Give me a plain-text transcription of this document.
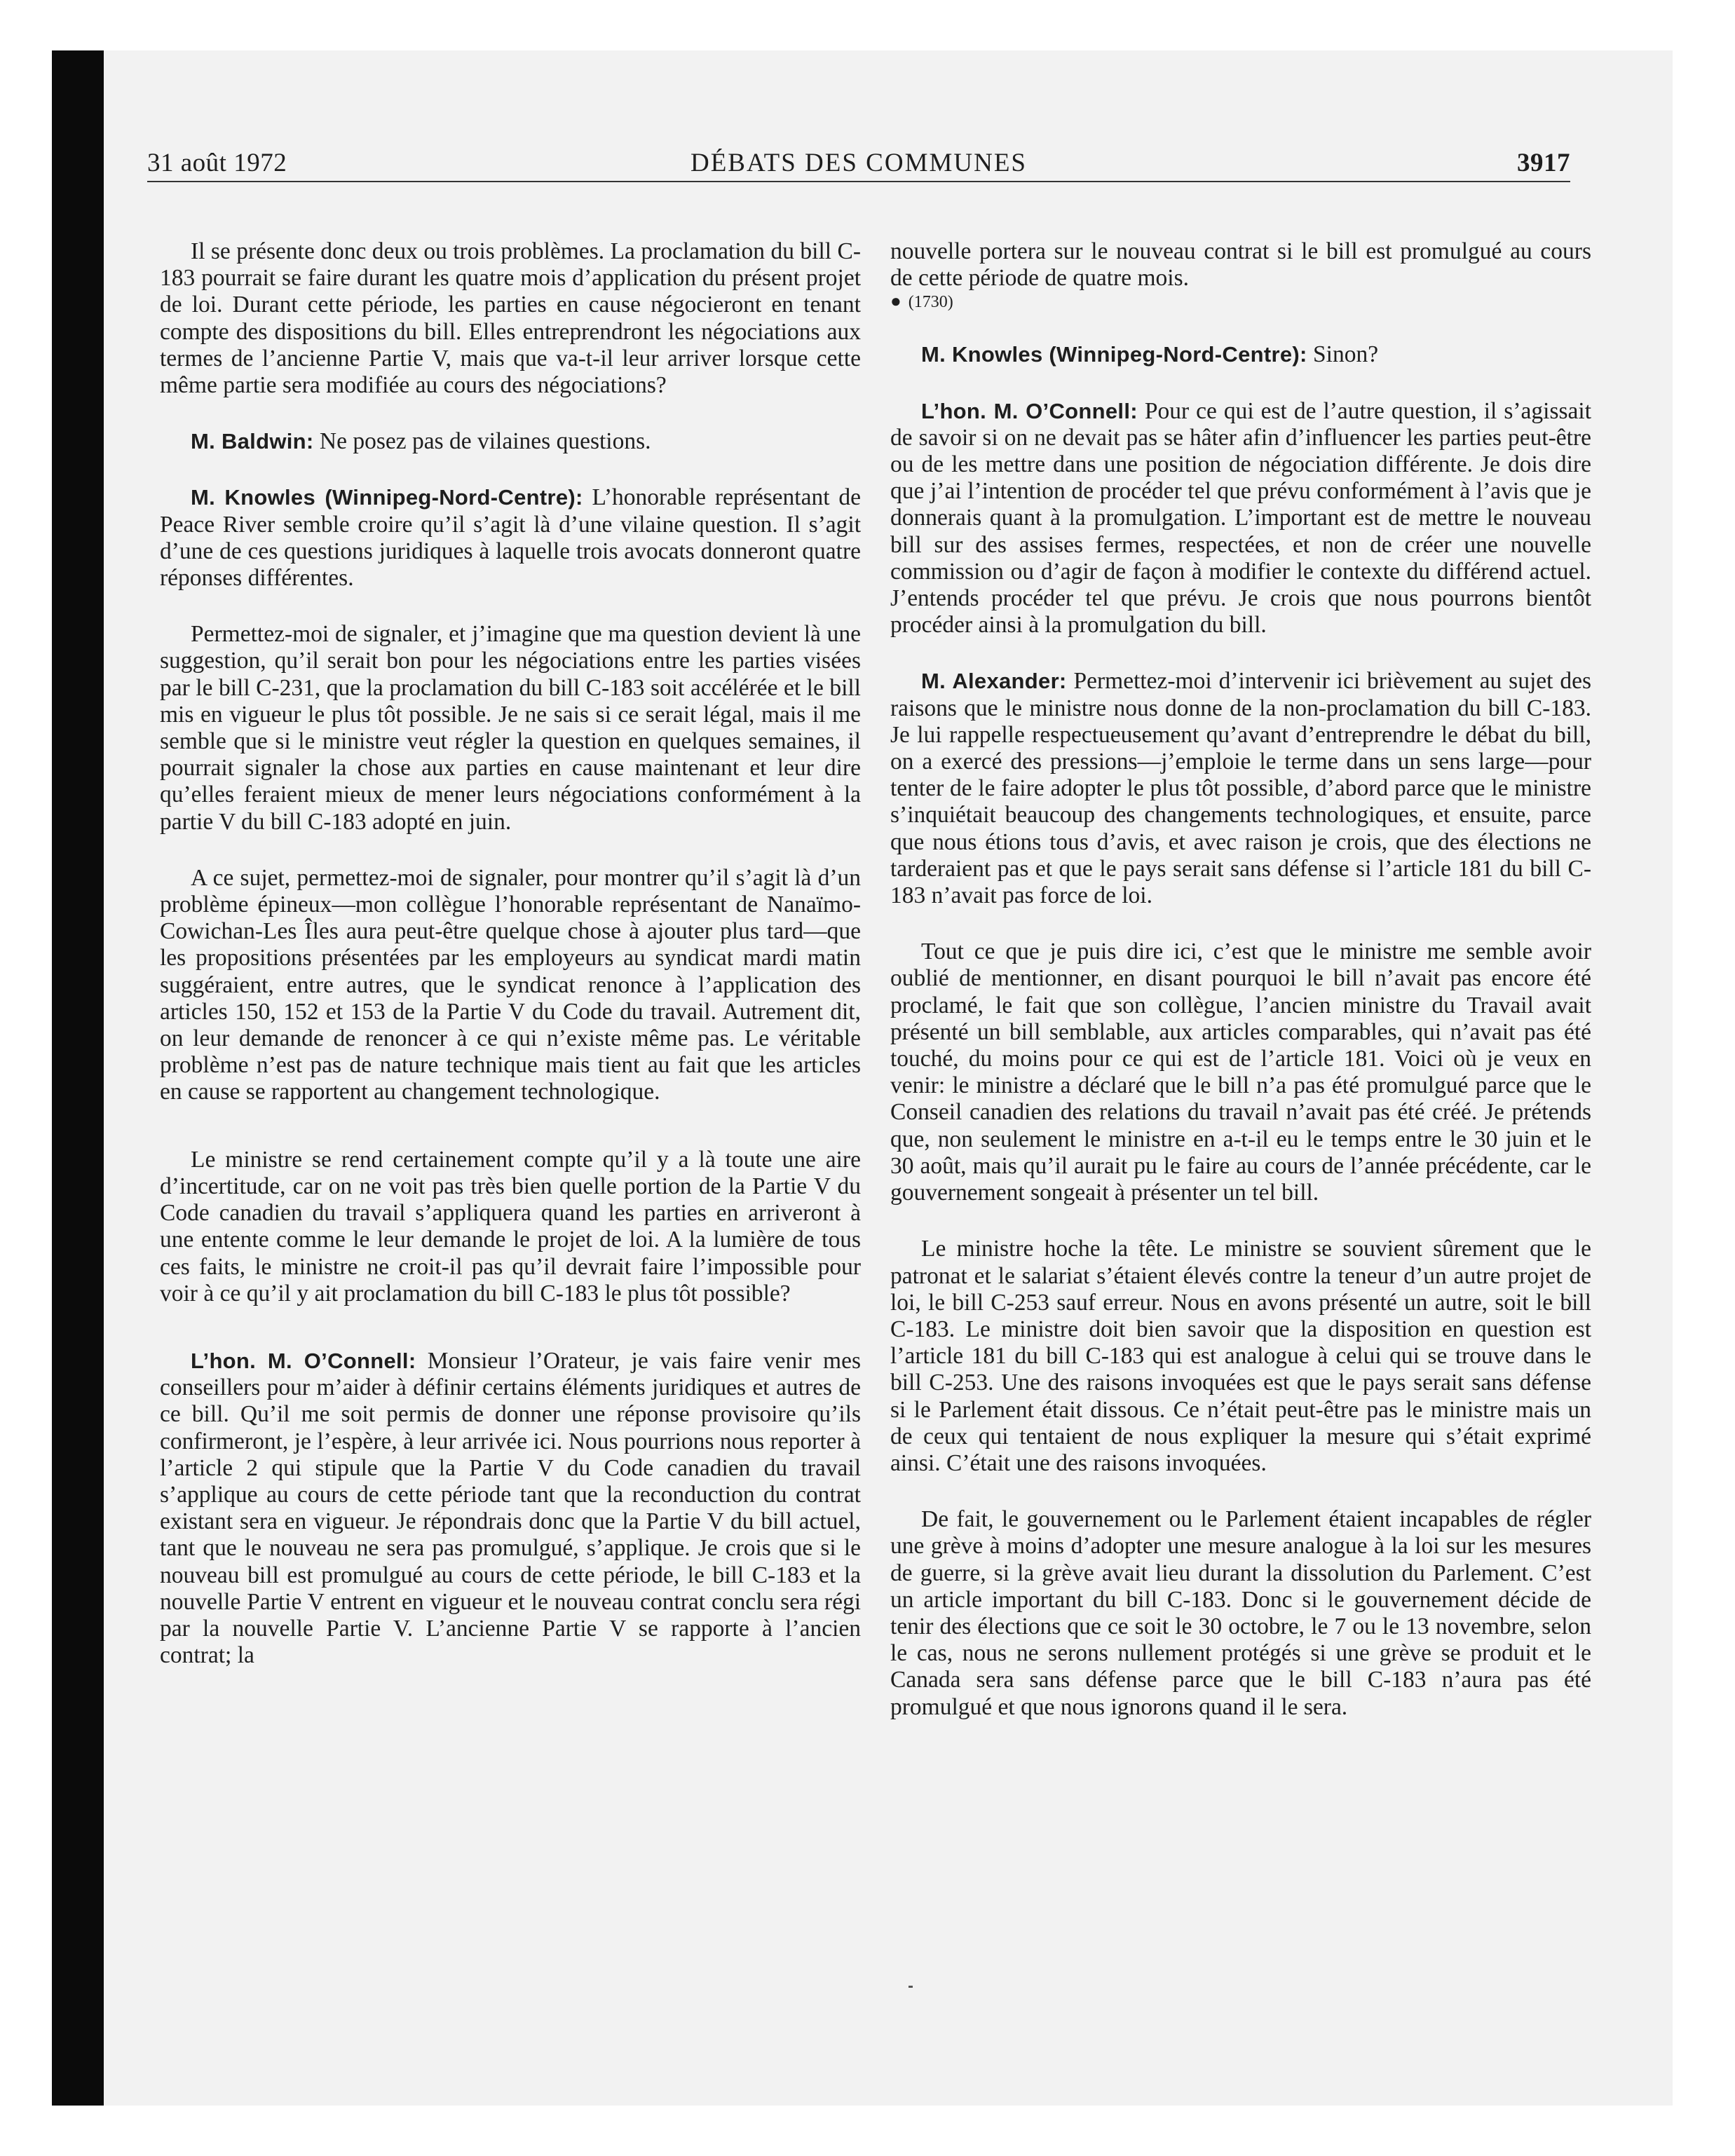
31 août 1972	DÉBATS DES COMMUNES	3917

Il se présente donc deux ou trois problèmes. La proclamation du bill C-183 pourrait se faire durant les quatre mois d’application du présent projet de loi. Durant cette période, les parties en cause négocieront en tenant compte des dispositions du bill. Elles entreprendront les négociations aux termes de l’ancienne Partie V, mais que va-t-il leur arriver lorsque cette même partie sera modifiée au cours des négociations?

M. Baldwin: Ne posez pas de vilaines questions.

M. Knowles (Winnipeg-Nord-Centre): L’honorable représentant de Peace River semble croire qu’il s’agit là d’une vilaine question. Il s’agit d’une de ces questions juridiques à laquelle trois avocats donneront quatre réponses différentes.

Permettez-moi de signaler, et j’imagine que ma question devient là une suggestion, qu’il serait bon pour les négociations entre les parties visées par le bill C-231, que la proclamation du bill C-183 soit accélérée et le bill mis en vigueur le plus tôt possible. Je ne sais si ce serait légal, mais il me semble que si le ministre veut régler la question en quelques semaines, il pourrait signaler la chose aux parties en cause maintenant et leur dire qu’elles feraient mieux de mener leurs négociations conformément à la partie V du bill C-183 adopté en juin.

A ce sujet, permettez-moi de signaler, pour montrer qu’il s’agit là d’un problème épineux—mon collègue l’honorable représentant de Nanaïmo-Cowichan-Les Îles aura peut-être quelque chose à ajouter plus tard—que les propositions présentées par les employeurs au syndicat mardi matin suggéraient, entre autres, que le syndicat renonce à l’application des articles 150, 152 et 153 de la Partie V du Code du travail. Autrement dit, on leur demande de renoncer à ce qui n’existe même pas. Le véritable problème n’est pas de nature technique mais tient au fait que les articles en cause se rapportent au changement technologique.

Le ministre se rend certainement compte qu’il y a là toute une aire d’incertitude, car on ne voit pas très bien quelle portion de la Partie V du Code canadien du travail s’appliquera quand les parties en arriveront à une entente comme le leur demande le projet de loi. A la lumière de tous ces faits, le ministre ne croit-il pas qu’il devrait faire l’impossible pour voir à ce qu’il y ait proclamation du bill C-183 le plus tôt possible?

L’hon. M. O’Connell: Monsieur l’Orateur, je vais faire venir mes conseillers pour m’aider à définir certains éléments juridiques et autres de ce bill. Qu’il me soit permis de donner une réponse provisoire qu’ils confirmeront, je l’espère, à leur arrivée ici. Nous pourrions nous reporter à l’article 2 qui stipule que la Partie V du Code canadien du travail s’applique au cours de cette période tant que la reconduction du contrat existant sera en vigueur. Je répondrais donc que la Partie V du bill actuel, tant que le nouveau ne sera pas promulgué, s’applique. Je crois que si le nouveau bill est promulgué au cours de cette période, le bill C-183 et la nouvelle Partie V entrent en vigueur et le nouveau contrat conclu sera régi par la nouvelle Partie V. L’ancienne Partie V se rapporte à l’ancien contrat; la

nouvelle portera sur le nouveau contrat si le bill est promulgué au cours de cette période de quatre mois.

● (1730)

M. Knowles (Winnipeg-Nord-Centre): Sinon?

L’hon. M. O’Connell: Pour ce qui est de l’autre question, il s’agissait de savoir si on ne devait pas se hâter afin d’influencer les parties peut-être ou de les mettre dans une position de négociation différente. Je dois dire que j’ai l’intention de procéder tel que prévu conformément à l’avis que je donnerais quant à la promulgation. L’important est de mettre le nouveau bill sur des assises fermes, respectées, et non de créer une nouvelle commission ou d’agir de façon à modifier le contexte du différend actuel. J’entends procéder tel que prévu. Je crois que nous pourrons bientôt procéder ainsi à la promulgation du bill.

M. Alexander: Permettez-moi d’intervenir ici brièvement au sujet des raisons que le ministre nous donne de la non-proclamation du bill C-183. Je lui rappelle respectueusement qu’avant d’entreprendre le débat du bill, on a exercé des pressions—j’emploie le terme dans un sens large—pour tenter de le faire adopter le plus tôt possible, d’abord parce que le ministre s’inquiétait beaucoup des changements technologiques, et ensuite, parce que nous étions tous d’avis, et avec raison je crois, que des élections ne tarderaient pas et que le pays serait sans défense si l’article 181 du bill C-183 n’avait pas force de loi.

Tout ce que je puis dire ici, c’est que le ministre me semble avoir oublié de mentionner, en disant pourquoi le bill n’avait pas encore été proclamé, le fait que son collègue, l’ancien ministre du Travail avait présenté un bill semblable, aux articles comparables, qui n’avait pas été touché, du moins pour ce qui est de l’article 181. Voici où je veux en venir: le ministre a déclaré que le bill n’a pas été promulgué parce que le Conseil canadien des relations du travail n’avait pas été créé. Je prétends que, non seulement le ministre en a-t-il eu le temps entre le 30 juin et le 30 août, mais qu’il aurait pu le faire au cours de l’année précédente, car le gouvernement songeait à présenter un tel bill.

Le ministre hoche la tête. Le ministre se souvient sûrement que le patronat et le salariat s’étaient élevés contre la teneur d’un autre projet de loi, le bill C-253 sauf erreur. Nous en avons présenté un autre, soit le bill C-183. Le ministre doit bien savoir que la disposition en question est l’article 181 du bill C-183 qui est analogue à celui qui se trouve dans le bill C-253. Une des raisons invoquées est que le pays serait sans défense si le Parlement était dissous. Ce n’était peut-être pas le ministre mais un de ceux qui tentaient de nous expliquer la mesure qui s’était exprimé ainsi. C’était une des raisons invoquées.

De fait, le gouvernement ou le Parlement étaient incapables de régler une grève à moins d’adopter une mesure analogue à la loi sur les mesures de guerre, si la grève avait lieu durant la dissolution du Parlement. C’est un article important du bill C-183. Donc si le gouvernement décide de tenir des élections que ce soit le 30 octobre, le 7 ou le 13 novembre, selon le cas, nous ne serons nullement protégés si une grève se produit et le Canada sera sans défense parce que le bill C-183 n’aura pas été promulgué et que nous ignorons quand il le sera.
